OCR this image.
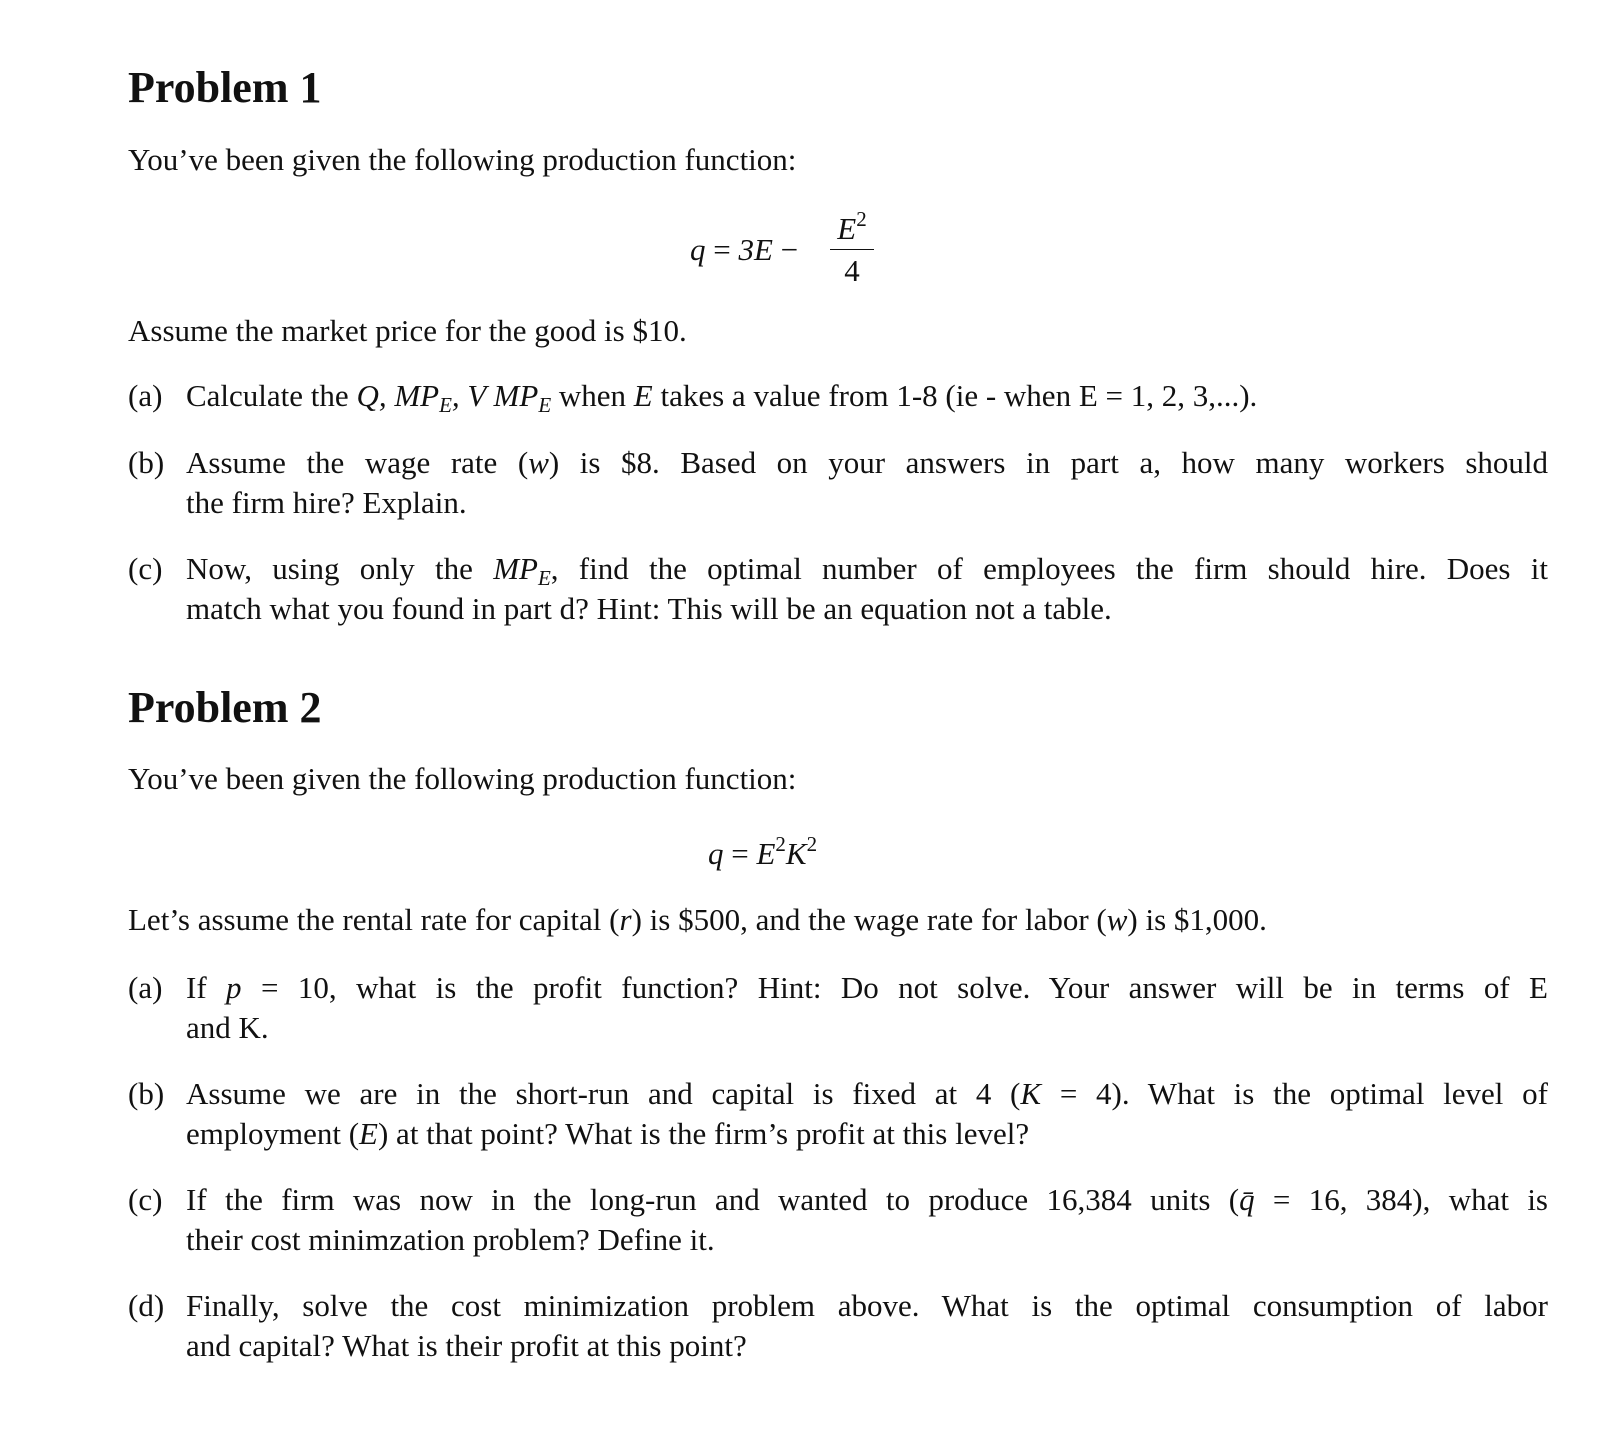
Problem 1

You’ve been given the following production function:

q = 3E −
$E^2$
4

Assume the market price for the good is $10.

(a) Calculate the Q, $MP_E$, V $MP_E$ when E takes a value from 1-8 (ie - when E = 1, 2, 3,...).
(b) Assume the wage rate (w) is $8. Based on your answers in part a, how many workers should
the firm hire? Explain.
(c) Now, using only the $MP_E$, find the optimal number of employees the firm should hire. Does it
match what you found in part d? Hint: This will be an equation not a table.
Problem 2

You’ve been given the following production function:

$q = E^2K^2$

Let’s assume the rental rate for capital (r) is $500, and the wage rate for labor (w) is $1,000.

(a) If p = 10, what is the profit function? Hint: Do not solve. Your answer will be in terms of E
and K.
(b) Assume we are in the short-run and capital is fixed at 4 (K = 4). What is the optimal level of
employment (E) at that point? What is the firm’s profit at this level?
(c) If the firm was now in the long-run and wanted to produce 16,384 units (q̄ = 16, 384), what is
their cost minimzation problem? Define it.
(d) Finally, solve the cost minimization problem above. What is the optimal consumption of labor
and capital? What is their profit at this point?
